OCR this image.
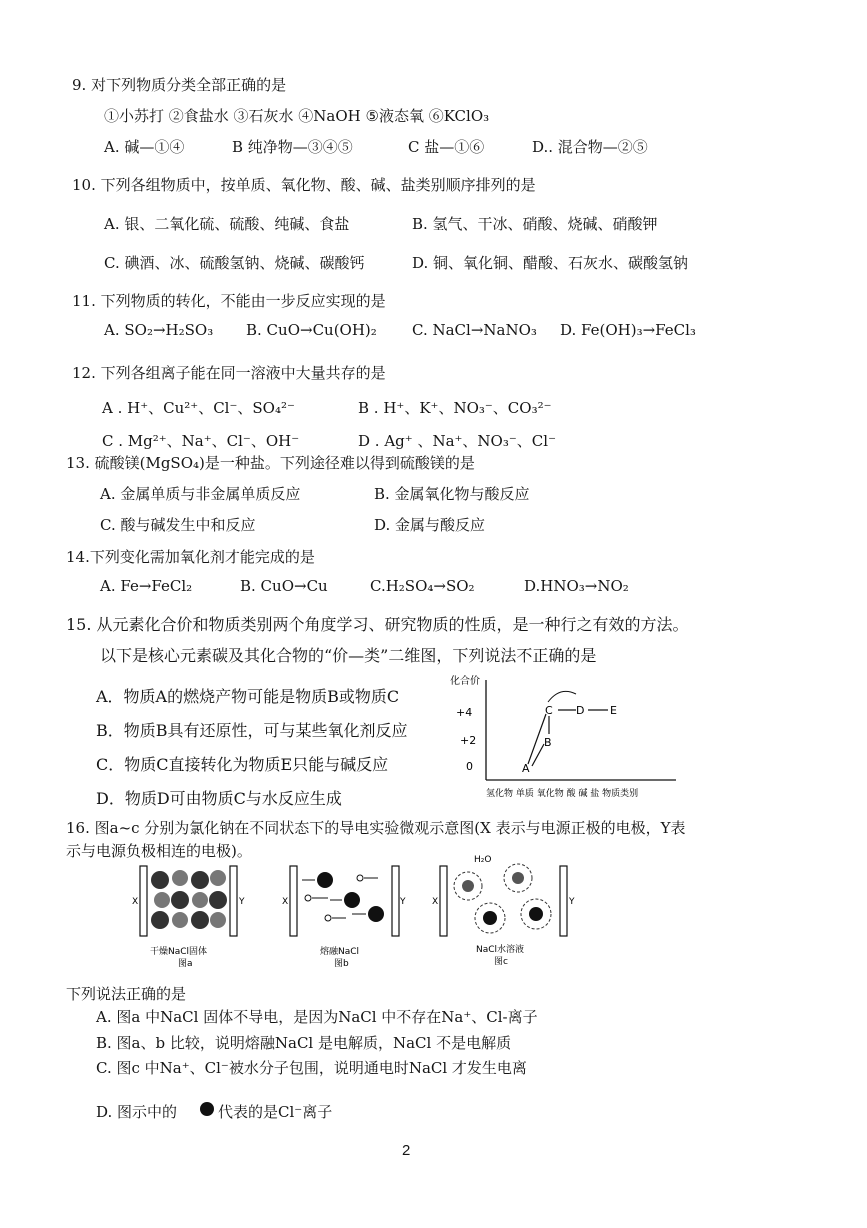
9. 对下列物质分类全部正确的是
①小苏打 ②食盐水 ③石灰水 ④NaOH ⑤液态氧 ⑥KClO₃
A. 碱—①④	B 纯净物—③④⑤	C 盐—①⑥	D.. 混合物—②⑤
10. 下列各组物质中，按单质、氧化物、酸、碱、盐类别顺序排列的是
A. 银、二氧化硫、硫酸、纯碱、食盐	B. 氢气、干冰、硝酸、烧碱、硝酸钾
C. 碘酒、冰、硫酸氢钠、烧碱、碳酸钙	D. 铜、氧化铜、醋酸、石灰水、碳酸氢钠
11. 下列物质的转化，不能由一步反应实现的是
A. SO₂→H₂SO₃ B. CuO→Cu(OH)₂ C. NaCl→NaNO₃ D. Fe(OH)₃→FeCl₃
12. 下列各组离子能在同一溶液中大量共存的是
A . H⁺、Cu²⁺、Cl⁻、SO₄²⁻	B . H⁺、K⁺、NO₃⁻、CO₃²⁻
C . Mg²⁺、Na⁺、Cl⁻、OH⁻	D . Ag⁺ 、Na⁺、NO₃⁻、Cl⁻
13. 硫酸镁(MgSO₄)是一种盐。下列途径难以得到硫酸镁的是
A. 金属单质与非金属单质反应	B. 金属氧化物与酸反应
C. 酸与碱发生中和反应	D. 金属与酸反应
14.下列变化需加氧化剂才能完成的是
A. Fe→FeCl₂	B. CuO→Cu	C.H₂SO₄→SO₂	D.HNO₃→NO₂
15. 从元素化合价和物质类别两个角度学习、研究物质的性质，是一种行之有效的方法。
以下是核心元素碳及其化合物的“价—类”二维图，下列说法不正确的是
A．物质A的燃烧产物可能是物质B或物质C
B．物质B具有还原性，可与某些氧化剂反应
C．物质C直接转化为物质E只能与碱反应
D．物质D可由物质C与水反应生成
化合价
+4
+2
0
氢化物 单质 氧化物 酸 碱 盐 物质类别
A
B
C D E
16. 图a~c 分别为氯化钠在不同状态下的导电实验微观示意图(X 表示与电源正极的电极，Y表
示与电源负极相连的电极)。
X	Y
干燥NaCl固体
图a
X	Y
熔融NaCl
图b
X	Y
H₂O
NaCl水溶液
图c
下列说法正确的是
A. 图a 中NaCl 固体不导电，是因为NaCl 中不存在Na⁺、Cl-离子
B. 图a、b 比较，说明熔融NaCl 是电解质，NaCl 不是电解质
C. 图c 中Na⁺、Cl⁻被水分子包围，说明通电时NaCl 才发生电离
D. 图示中的	代表的是Cl⁻离子
2
